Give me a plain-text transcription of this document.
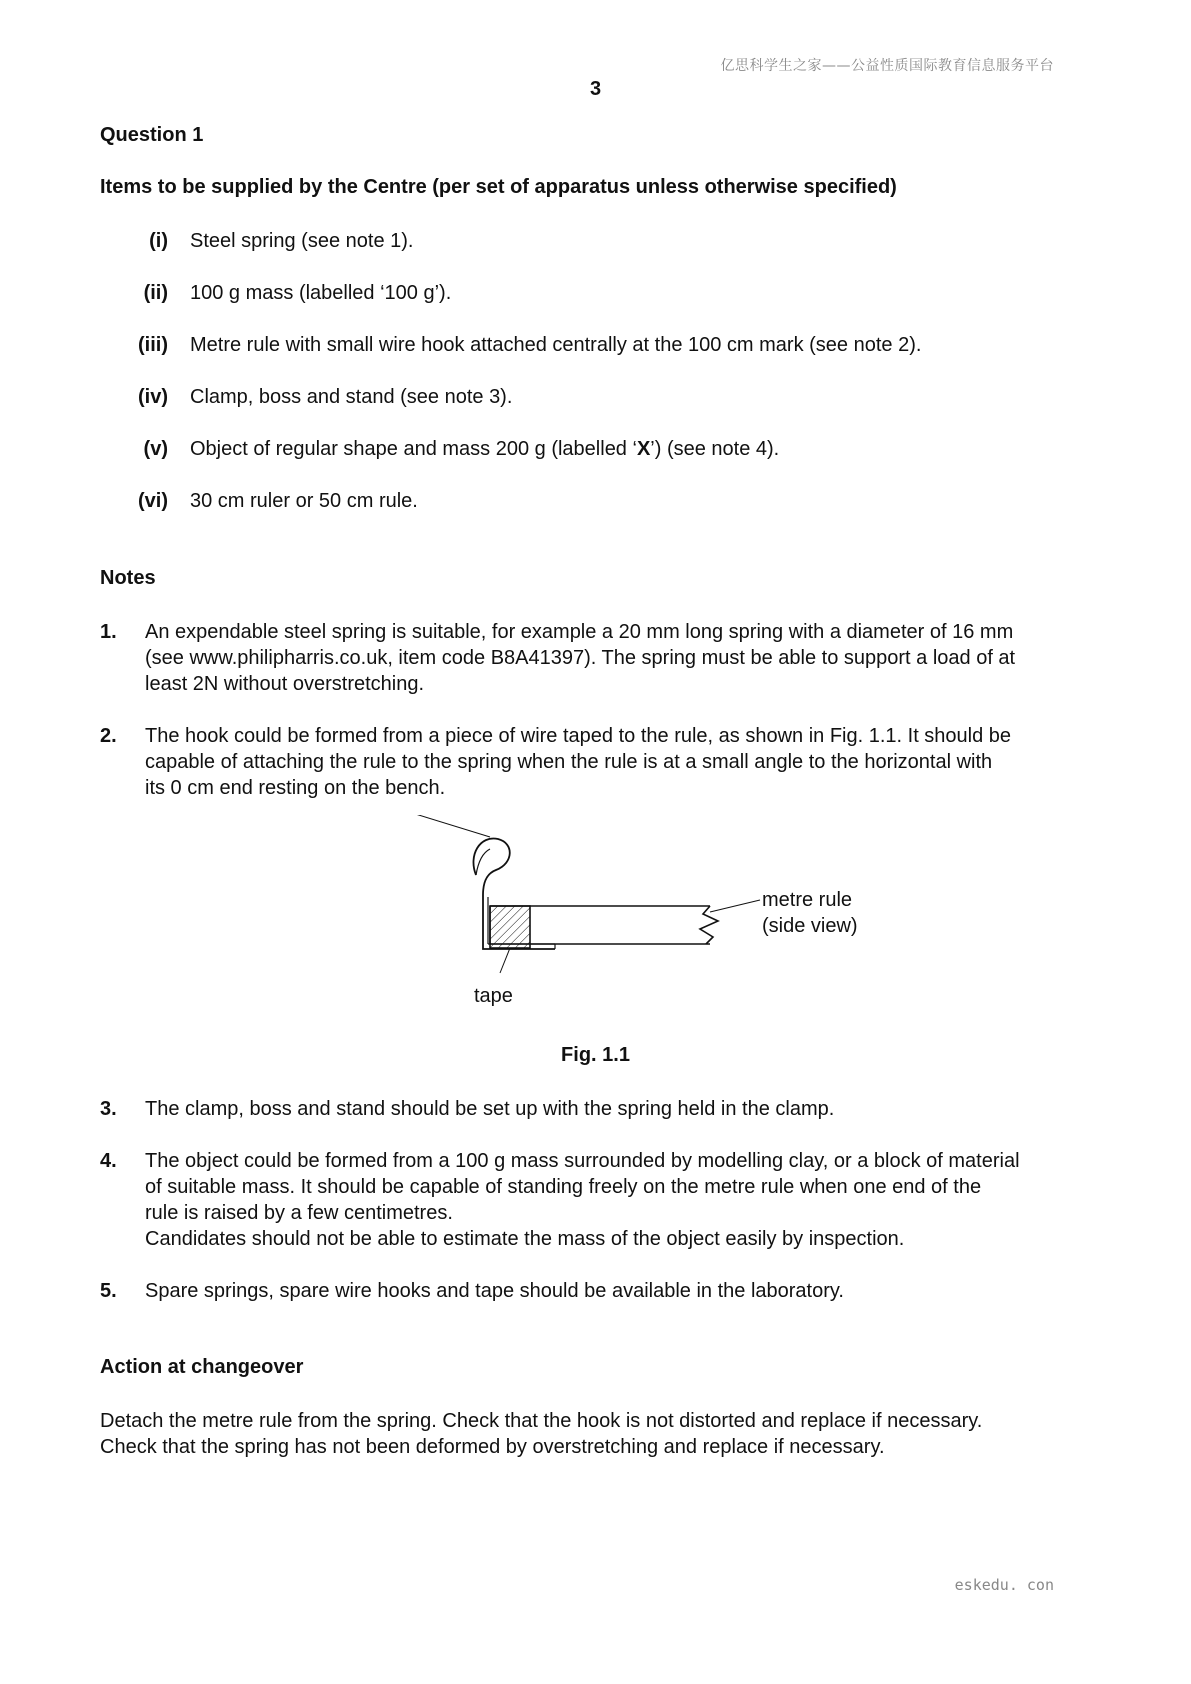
亿思科学生之家——公益性质国际教育信息服务平台
3
Question 1
Items to be supplied by the Centre (per set of apparatus unless otherwise specified)
(i) Steel spring (see note 1).
(ii) 100 g mass (labelled ‘100 g’).
(iii) Metre rule with small wire hook attached centrally at the 100 cm mark (see note 2).
(iv) Clamp, boss and stand (see note 3).
(v) Object of regular shape and mass 200 g (labelled ‘X’) (see note 4).
(vi) 30 cm ruler or 50 cm rule.
Notes
1. An expendable steel spring is suitable, for example a 20 mm long spring with a diameter of 16 mm
(see www.philipharris.co.uk, item code B8A41397). The spring must be able to support a load of at
least 2N without overstretching.
2. The hook could be formed from a piece of wire taped to the rule, as shown in Fig. 1.1. It should be
capable of attaching the rule to the spring when the rule is at a small angle to the horizontal with
its 0 cm end resting on the bench.
metre rule
(side view)
tape
Fig. 1.1
3. The clamp, boss and stand should be set up with the spring held in the clamp.
4. The object could be formed from a 100 g mass surrounded by modelling clay, or a block of material
of suitable mass. It should be capable of standing freely on the metre rule when one end of the
rule is raised by a few centimetres.
Candidates should not be able to estimate the mass of the object easily by inspection.
5. Spare springs, spare wire hooks and tape should be available in the laboratory.
Action at changeover
Detach the metre rule from the spring. Check that the hook is not distorted and replace if necessary.
Check that the spring has not been deformed by overstretching and replace if necessary.
eskedu. con
